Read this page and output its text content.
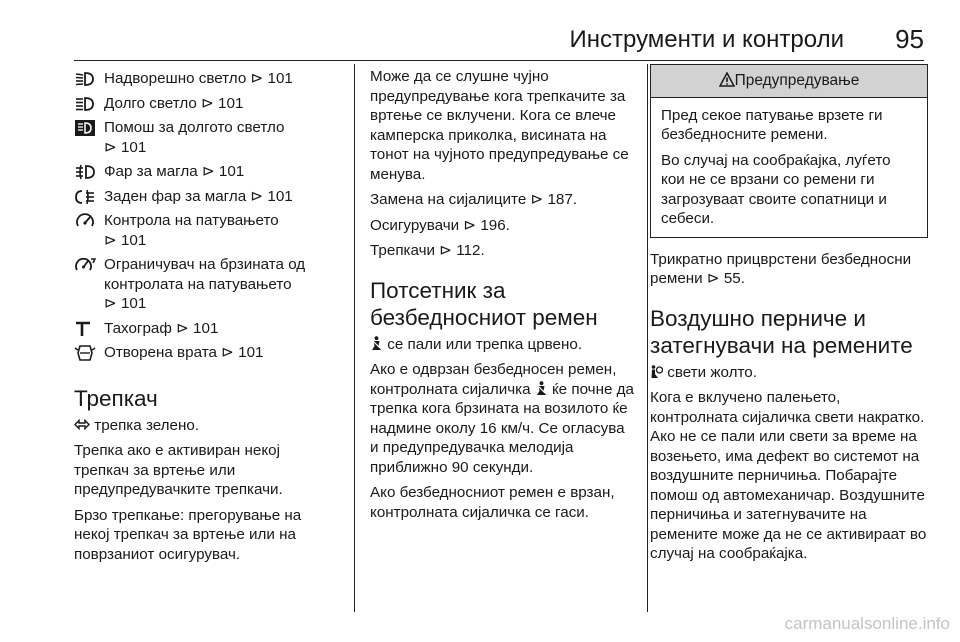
Инструменти и контроли 95
Надворешно светло ⊳ 101
Долго светло ⊳ 101
Помош за долгото светло
⊳ 101
Фар за магла ⊳ 101
Заден фар за магла ⊳ 101
Контрола на патувањето
⊳ 101
Ограничувач на брзината од контролата на патувањето
⊳ 101
Тахограф ⊳ 101
Отворена врата ⊳ 101
Трепкач

трепка зелено.

Трепка ако е активиран некој трепкач за вртење или предупредувачките трепкачи.

Брзо трепкање: прегорување на некој трепкач за вртење или на поврзаниот осигурувач.

Може да се слушне чујно предупредување кога трепкачите за вртење се вклучени. Кога се влече камперска приколка, висината на тонот на чујното предупредување се менува.

Замена на сијалиците ⊳ 187.

Осигурувачи ⊳ 196.

Трепкачи ⊳ 112.

Потсетник за безбедносниот ремен

се пали или трепка црвено.

Ако е одврзан безбедносен ремен, контролната сијаличка ќе почне да трепка кога брзината на возилото ќе надмине околу 16 км/ч. Се огласува и предупредувачка мелодија приближно 90 секунди.

Ако безбедносниот ремен е врзан, контролната сијаличка се гаси.

Предупредување

Пред секое патување врзете ги безбедносните ремени.

Во случај на сообраќајка, луѓето кои не се врзани со ремени ги загрозуваат своите сопатници и себеси.

Трикратно прицврстени безбедносни ремени ⊳ 55.

Воздушно перниче и затегнувачи на ремените

свети жолто.

Кога е вклучено палењето, контролната сијаличка свети накратко. Ако не се пали или свети за време на возењето, има дефект во системот на воздушните перничиња. Побарајте помош од автомеханичар. Воздушните перничиња и затегнувачите на ремените може да не се активираат во случај на сообраќајка.

carmanualsonline.info
